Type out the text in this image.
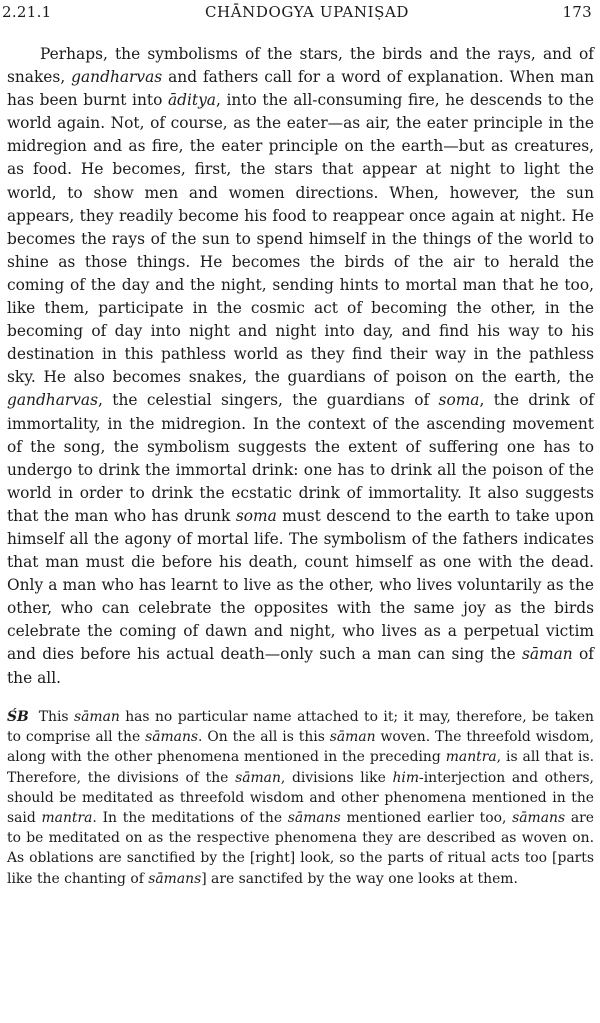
2.21.1	CHĀNDOGYA UPANIṢAD	173

Perhaps, the symbolisms of the stars, the birds and the rays, and of snakes, gandharvas and fathers call for a word of explanation. When man has been burnt into āditya, into the all-consuming fire, he descends to the world again. Not, of course, as the eater—as air, the eater principle in the midregion and as fire, the eater principle on the earth—but as creatures, as food. He becomes, first, the stars that appear at night to light the world, to show men and women directions. When, however, the sun appears, they readily become his food to reappear once again at night. He becomes the rays of the sun to spend himself in the things of the world to shine as those things. He becomes the birds of the air to herald the coming of the day and the night, sending hints to mortal man that he too, like them, participate in the cosmic act of becoming the other, in the becoming of day into night and night into day, and find his way to his destination in this pathless world as they find their way in the pathless sky. He also becomes snakes, the guardians of poison on the earth, the gandharvas, the celestial singers, the guardians of soma, the drink of immortality, in the midregion. In the context of the ascending movement of the song, the symbolism suggests the extent of suffering one has to undergo to drink the immortal drink: one has to drink all the poison of the world in order to drink the ecstatic drink of immortality. It also suggests that the man who has drunk soma must descend to the earth to take upon himself all the agony of mortal life. The symbolism of the fathers indicates that man must die before his death, count himself as one with the dead. Only a man who has learnt to live as the other, who lives voluntarily as the other, who can celebrate the opposites with the same joy as the birds celebrate the coming of dawn and night, who lives as a perpetual victim and dies before his actual death—only such a man can sing the sāman of the all.

ŚB This sāman has no particular name attached to it; it may, therefore, be taken to comprise all the sāmans. On the all is this sāman woven. The threefold wisdom, along with the other phenomena mentioned in the preceding mantra, is all that is. Therefore, the divisions of the sāman, divisions like him-interjection and others, should be meditated as threefold wisdom and other phenomena mentioned in the said mantra. In the meditations of the sāmans mentioned earlier too, sāmans are to be meditated on as the respective phenomena they are described as woven on. As oblations are sanctified by the [right] look, so the parts of ritual acts too [parts like the chanting of sāmans] are sanctifed by the way one looks at them.
